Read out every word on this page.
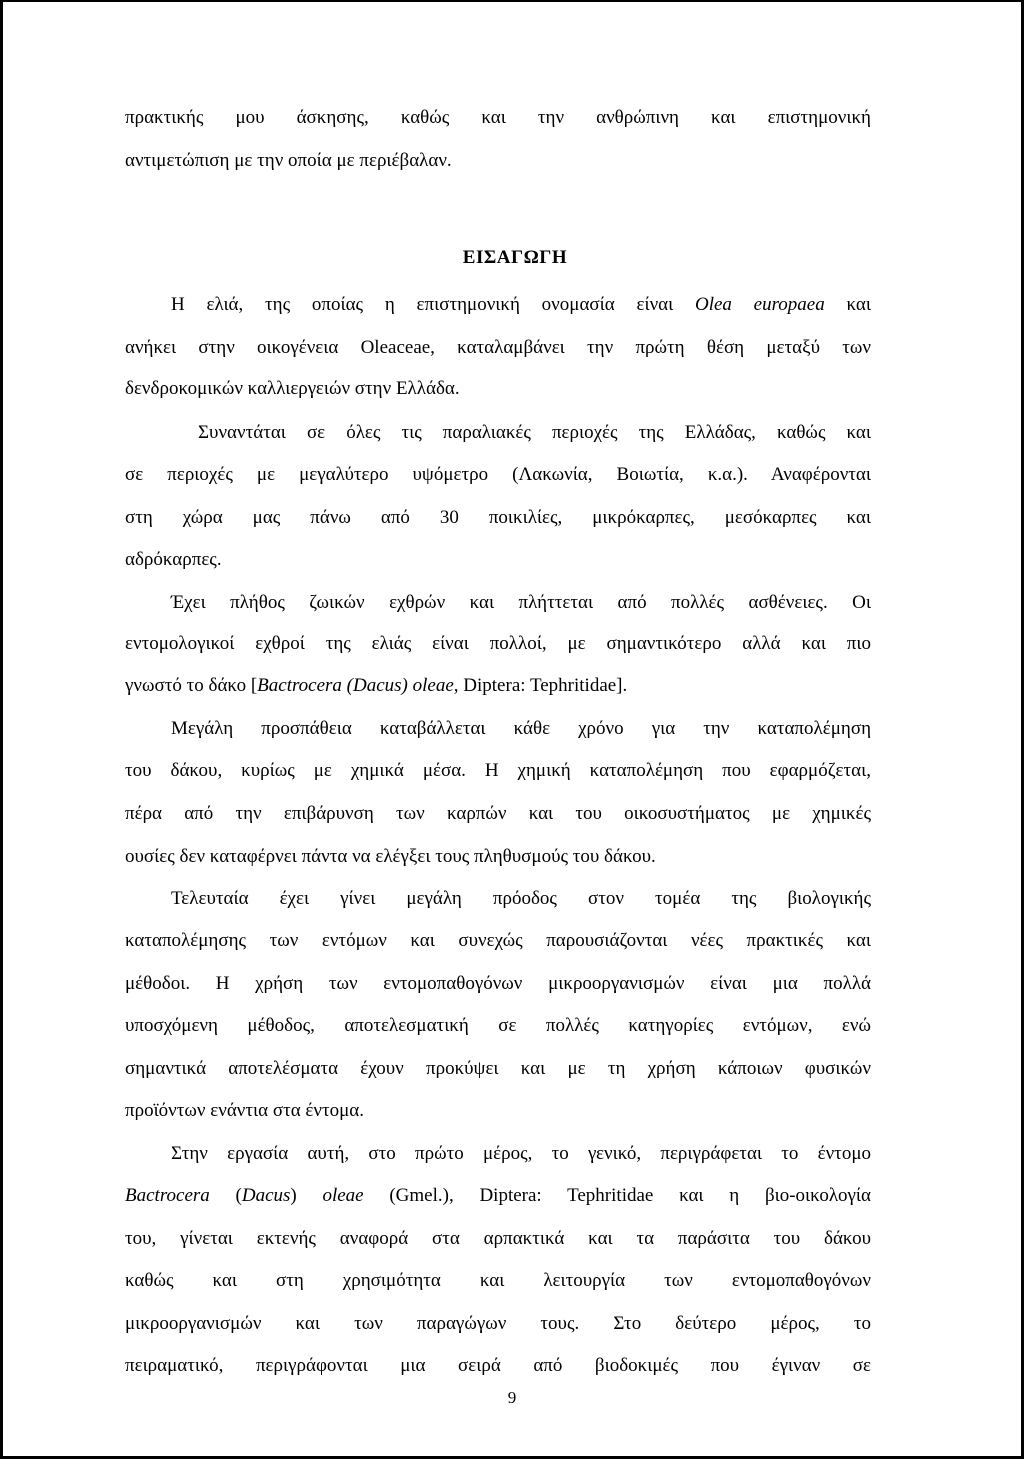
πρακτικής μου άσκησης, καθώς και την ανθρώπινη και επιστημονική
αντιμετώπιση με την οποία με περιέβαλαν.
ΕΙΣΑΓΩΓΗ
Η ελιά, της οποίας η επιστημονική ονομασία είναι Olea europaea και
ανήκει στην οικογένεια Oleaceae, καταλαμβάνει την πρώτη θέση μεταξύ των
δενδροκομικών καλλιεργειών στην Ελλάδα.
Συναντάται σε όλες τις παραλιακές περιοχές της Ελλάδας, καθώς και
σε περιοχές με μεγαλύτερο υψόμετρο (Λακωνία, Βοιωτία, κ.α.). Αναφέρονται
στη χώρα μας πάνω από 30 ποικιλίες, μικρόκαρπες, μεσόκαρπες και
αδρόκαρπες.
Έχει πλήθος ζωικών εχθρών και πλήττεται από πολλές ασθένειες. Οι
εντομολογικοί εχθροί της ελιάς είναι πολλοί, με σημαντικότερο αλλά και πιο
γνωστό το δάκο [Bactrocera (Dacus) oleae, Diptera: Tephritidae].
Μεγάλη προσπάθεια καταβάλλεται κάθε χρόνο για την καταπολέμηση
του δάκου, κυρίως με χημικά μέσα. Η χημική καταπολέμηση που εφαρμόζεται,
πέρα από την επιβάρυνση των καρπών και του οικοσυστήματος με χημικές
ουσίες δεν καταφέρνει πάντα να ελέγξει τους πληθυσμούς του δάκου.
Τελευταία έχει γίνει μεγάλη πρόοδος στον τομέα της βιολογικής
καταπολέμησης των εντόμων και συνεχώς παρουσιάζονται νέες πρακτικές και
μέθοδοι. Η χρήση των εντομοπαθογόνων μικροοργανισμών είναι μια πολλά
υποσχόμενη μέθοδος, αποτελεσματική σε πολλές κατηγορίες εντόμων, ενώ
σημαντικά αποτελέσματα έχουν προκύψει και με τη χρήση κάποιων φυσικών
προϊόντων ενάντια στα έντομα.
Στην εργασία αυτή, στο πρώτο μέρος, το γενικό, περιγράφεται το έντομο
Bactrocera (Dacus) oleae (Gmel.), Diptera: Tephritidae και η βιο-οικολογία
του, γίνεται εκτενής αναφορά στα αρπακτικά και τα παράσιτα του δάκου
καθώς και στη χρησιμότητα και λειτουργία των εντομοπαθογόνων
μικροοργανισμών και των παραγώγων τους. Στο δεύτερο μέρος, το
πειραματικό, περιγράφονται μια σειρά από βιοδοκιμές που έγιναν σε
9
